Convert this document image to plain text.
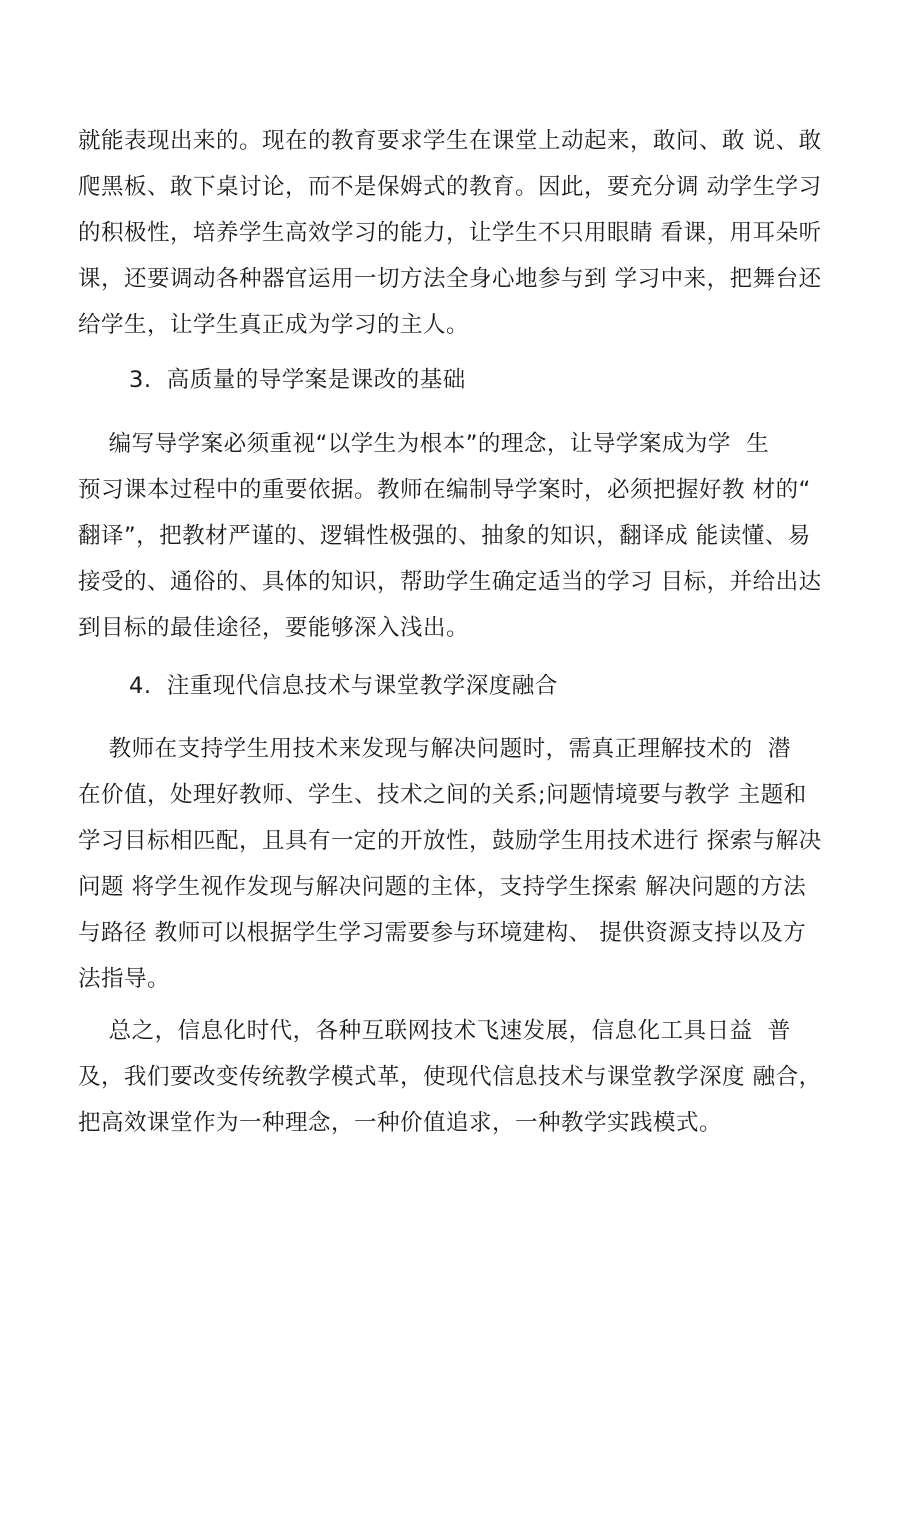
就能表现出来的。现在的教育要求学生在课堂上动起来，敢问、敢 说、敢
爬黑板、敢下桌讨论，而不是保姆式的教育。因此，要充分调 动学生学习
的积极性，培养学生高效学习的能力，让学生不只用眼睛 看课，用耳朵听
课，还要调动各种器官运用一切方法全身心地参与到 学习中来，把舞台还
给学生，让学生真正成为学习的主人。
3.  高质量的导学案是课改的基础
编写导学案必须重视“以学生为根本”的理念，让导学案成为学  生
预习课本过程中的重要依据。教师在编制导学案时，必须把握好教 材的“
翻译”，把教材严谨的、逻辑性极强的、抽象的知识，翻译成 能读懂、易
接受的、通俗的、具体的知识，帮助学生确定适当的学习 目标，并给出达
到目标的最佳途径，要能够深入浅出。
4.  注重现代信息技术与课堂教学深度融合
教师在支持学生用技术来发现与解决问题时，需真正理解技术的  潜
在价值，处理好教师、学生、技术之间的关系;问题情境要与教学 主题和
学习目标相匹配，且具有一定的开放性，鼓励学生用技术进行 探索与解决
问题 将学生视作发现与解决问题的主体，支持学生探索 解决问题的方法
与路径 教师可以根据学生学习需要参与环境建构、 提供资源支持以及方
法指导。
总之，信息化时代，各种互联网技术飞速发展，信息化工具日益  普
及，我们要改变传统教学模式革，使现代信息技术与课堂教学深度 融合，
把高效课堂作为一种理念，一种价值追求，一种教学实践模式。
